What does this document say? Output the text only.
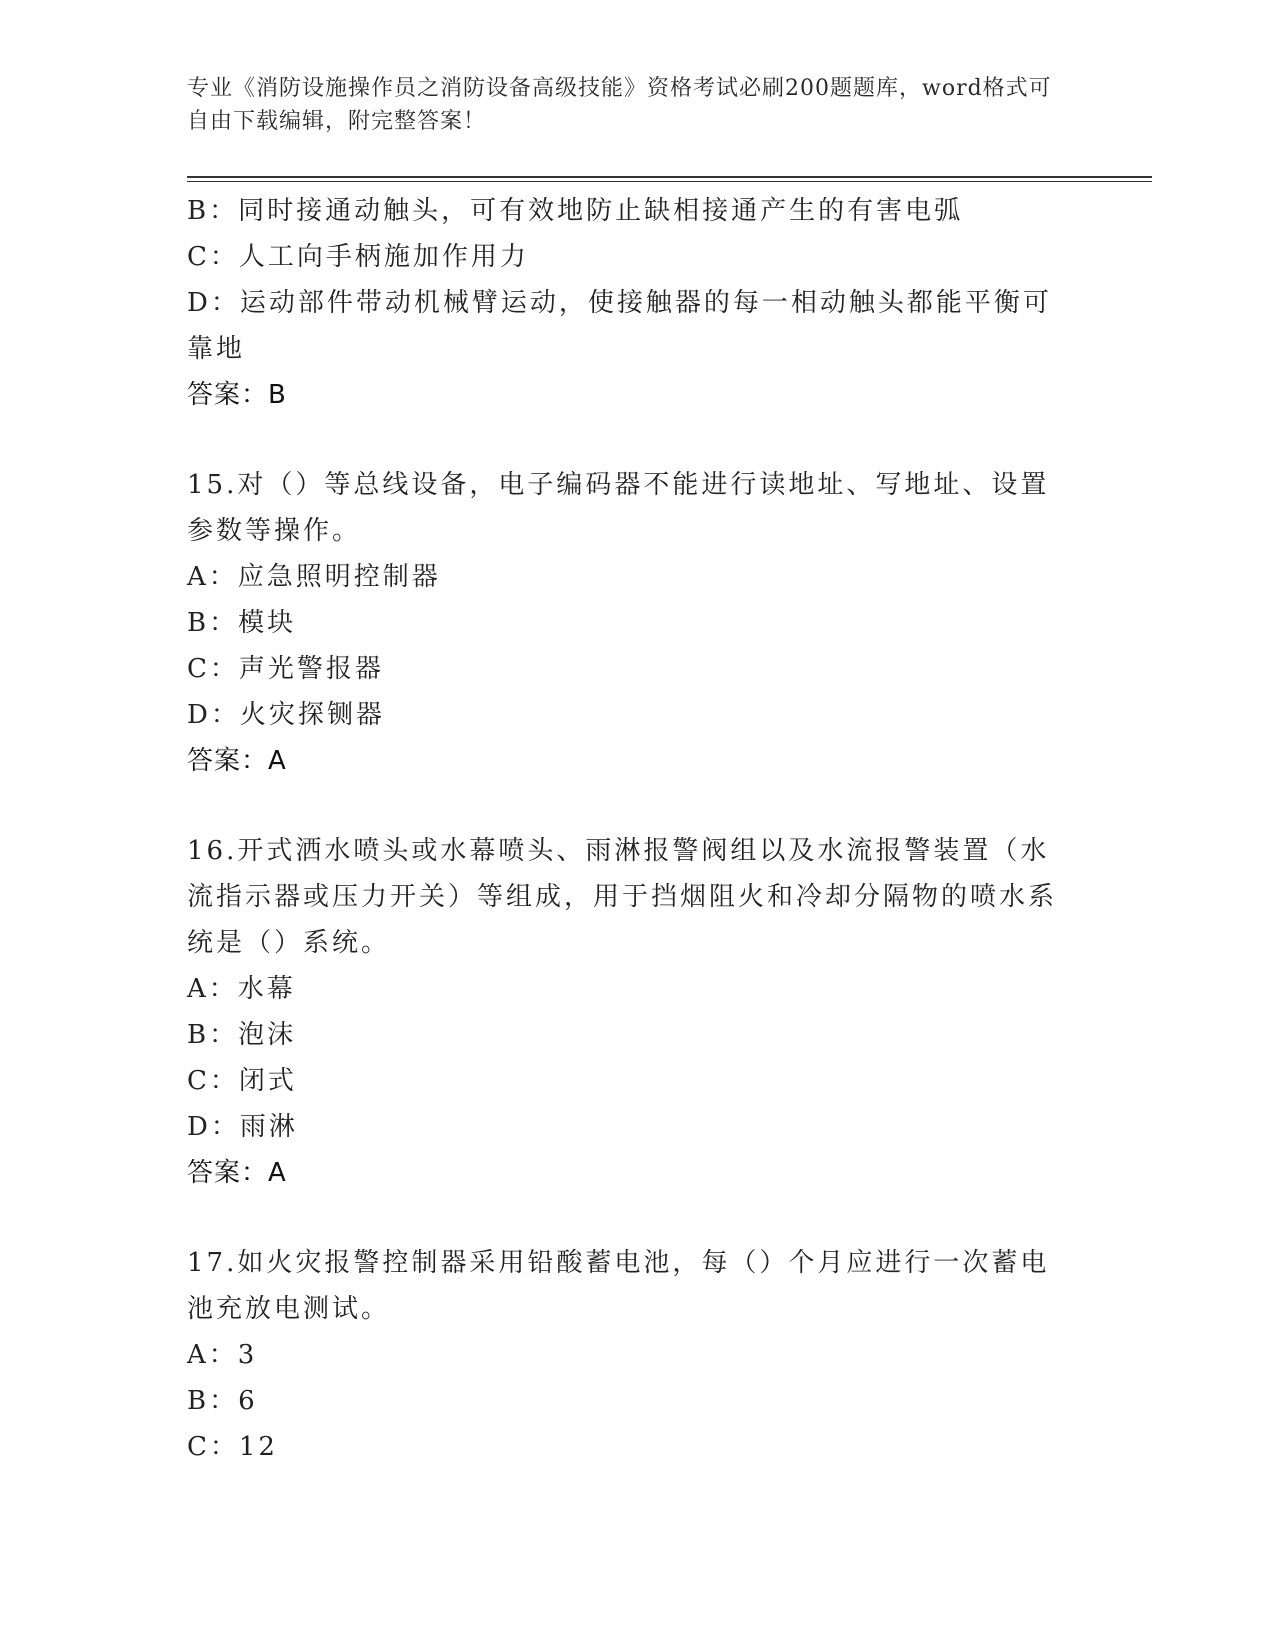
专业《消防设施操作员之消防设备高级技能》资格考试必刷200题题库，word格式可自由下载编辑，附完整答案！
B：同时接通动触头，可有效地防止缺相接通产生的有害电弧
C：人工向手柄施加作用力
D：运动部件带动机械臂运动，使接触器的每一相动触头都能平衡可靠地
答案：B
15.对（）等总线设备，电子编码器不能进行读地址、写地址、设置参数等操作。
A：应急照明控制器
B：模块
C：声光警报器
D：火灾探铡器
答案：A
16.开式洒水喷头或水幕喷头、雨淋报警阀组以及水流报警装置（水流指示器或压力开关）等组成，用于挡烟阻火和冷却分隔物的喷水系统是（）系统。
A：水幕
B：泡沫
C：闭式
D：雨淋
答案：A
17.如火灾报警控制器采用铅酸蓄电池，每（）个月应进行一次蓄电池充放电测试。
A：3
B：6
C：12
